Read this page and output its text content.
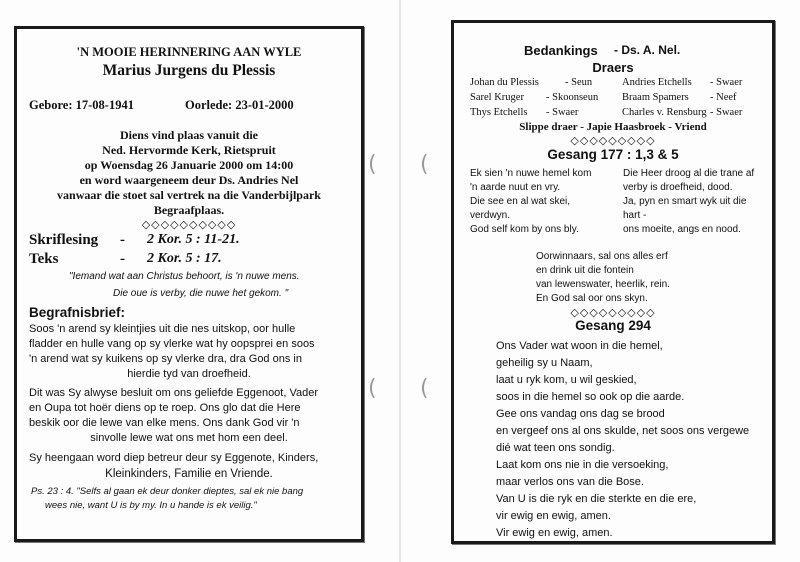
(
(
(
(
'N MOOIE HERINNERING AAN WYLE
Marius Jurgens du Plessis
Gebore: 17-08-1941	Oorlede: 23-01-2000
Diens vind plaas vanuit die
Ned. Hervormde Kerk, Rietspruit
op Woensdag 26 Januarie 2000 om 14:00
en word waargeneem deur Ds. Andries Nel
vanwaar die stoet sal vertrek na die Vanderbijlpark
Begraafplaas.
◇◇◇◇◇◇◇◇◇◇
Skriflesing - 2 Kor. 5 : 11-21.
Teks	- 2 Kor. 5 : 17.
"Iemand wat aan Christus behoort, is 'n nuwe mens.
Die oue is verby, die nuwe het gekom. "
Begrafnisbrief:
Soos 'n arend sy kleintjies uit die nes uitskop, oor hulle
fladder en hulle vang op sy vlerke wat hy oopsprei en soos
'n arend wat sy kuikens op sy vlerke dra, dra God ons in
hierdie tyd van droefheid.
Dit was Sy alwyse besluit om ons geliefde Eggenoot, Vader
en Oupa tot hoër diens op te roep. Ons glo dat die Here
beskik oor die lewe van elke mens. Ons dank God vir 'n
sinvolle lewe wat ons met hom een deel.
Sy heengaan word diep betreur deur sy Eggenote, Kinders,
Kleinkinders, Familie en Vriende.
Ps. 23 : 4. "Selfs al gaan ek deur donker dieptes, sal ek nie bang
wees nie, want U is by my. In u hande is ek veilig."
Bedankings - Ds. A. Nel.
Draers
Johan du Plessis - Seun
Sarel Kruger - Skoonseun
Thys Etchells - Swaer
Andries Etchells - Swaer
Braam Spamers - Neef
Charles v. Rensburg - Swaer
Slippe draer - Japie Haasbroek - Vriend
◇◇◇◇◇◇◇◇◇
Gesang 177 : 1,3 & 5
Ek sien 'n nuwe hemel kom
'n aarde nuut en vry.
Die see en al wat skei,
verdwyn.
God self kom by ons bly.
Die Heer droog al die trane af
verby is droefheid, dood.
Ja, pyn en smart wyk uit die
hart -
ons moeite, angs en nood.
Oorwinnaars, sal ons alles erf
en drink uit die fontein
van lewenswater, heerlik, rein.
En God sal oor ons skyn.
◇◇◇◇◇◇◇◇◇
Gesang 294
Ons Vader wat woon in die hemel,
geheilig sy u Naam,
laat u ryk kom, u wil geskied,
soos in die hemel so ook op die aarde.
Gee ons vandag ons dag se brood
en vergeef ons al ons skulde, net soos ons vergewe
dié wat teen ons sondig.
Laat kom ons nie in die versoeking,
maar verlos ons van die Bose.
Van U is die ryk en die sterkte en die ere,
vir ewig en ewig, amen.
Vir ewig en ewig, amen.
